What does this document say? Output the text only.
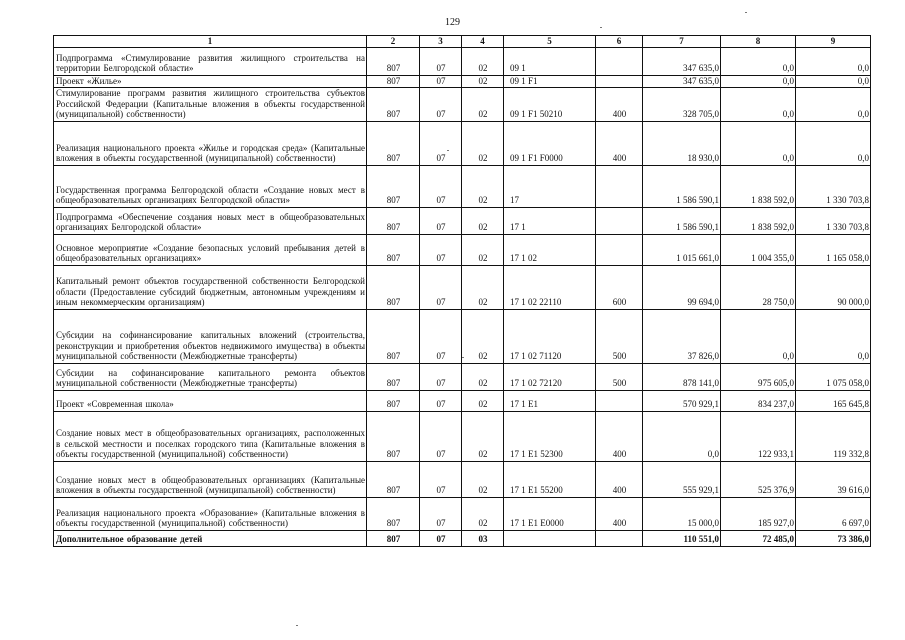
129
1	2	3	4	5	6	7	8	9
Подпрограмма «Стимулирование развития жилищного строительства на территории Белгородской области»	807	07	02	09 1		347 635,0	0,0	0,0
Проект «Жилье»	807	07	02	09 1 F1		347 635,0	0,0	0,0
Стимулирование программ развития жилищного строительства субъектов Российской Федерации (Капитальные вложения в объекты государственной (муниципальной) собственности)	807	07	02	09 1 F1 50210	400	328 705,0	0,0	0,0
Реализация национального проекта «Жилье и городская среда» (Капитальные вложения в объекты государственной (муниципальной) собственности)	807	07	02	09 1 F1 F0000	400	18 930,0	0,0	0,0
Государственная программа Белгородской области «Создание новых мест в общеобразовательных организациях Белгородской области»	807	07	02	17		1 586 590,1	1 838 592,0	1 330 703,8
Подпрограмма «Обеспечение создания новых мест в общеобразовательных организациях Белгородской области»	807	07	02	17 1		1 586 590,1	1 838 592,0	1 330 703,8
Основное мероприятие «Создание безопасных условий пребывания детей в общеобразовательных организациях»	807	07	02	17 1 02		1 015 661,0	1 004 355,0	1 165 058,0
Капитальный ремонт объектов государственной собственности Белгородской области (Предоставление субсидий бюджетным, автономным учреждениям и иным некоммерческим организациям)	807	07	02	17 1 02 22110	600	99 694,0	28 750,0	90 000,0
Субсидии на софинансирование капитальных вложений (строительства, реконструкции и приобретения объектов недвижимого имущества) в объекты муниципальной собственности (Межбюджетные трансферты)	807	07	02	17 1 02 71120	500	37 826,0	0,0	0,0
Субсидии на софинансирование капитального ремонта объектов муниципальной собственности (Межбюджетные трансферты)	807	07	02	17 1 02 72120	500	878 141,0	975 605,0	1 075 058,0
Проект «Современная школа»	807	07	02	17 1 E1		570 929,1	834 237,0	165 645,8
Создание новых мест в общеобразовательных организациях, расположенных в сельской местности и поселках городского типа (Капитальные вложения в объекты государственной (муниципальной) собственности)	807	07	02	17 1 E1 52300	400	0,0	122 933,1	119 332,8
Создание новых мест в общеобразовательных организациях (Капитальные вложения в объекты государственной (муниципальной) собственности)	807	07	02	17 1 E1 55200	400	555 929,1	525 376,9	39 616,0
Реализация национального проекта «Образование» (Капитальные вложения в объекты государственной (муниципальной) собственности)	807	07	02	17 1 E1 E0000	400	15 000,0	185 927,0	6 697,0
Дополнительное образование детей	807	07	03			110 551,0	72 485,0	73 386,0
